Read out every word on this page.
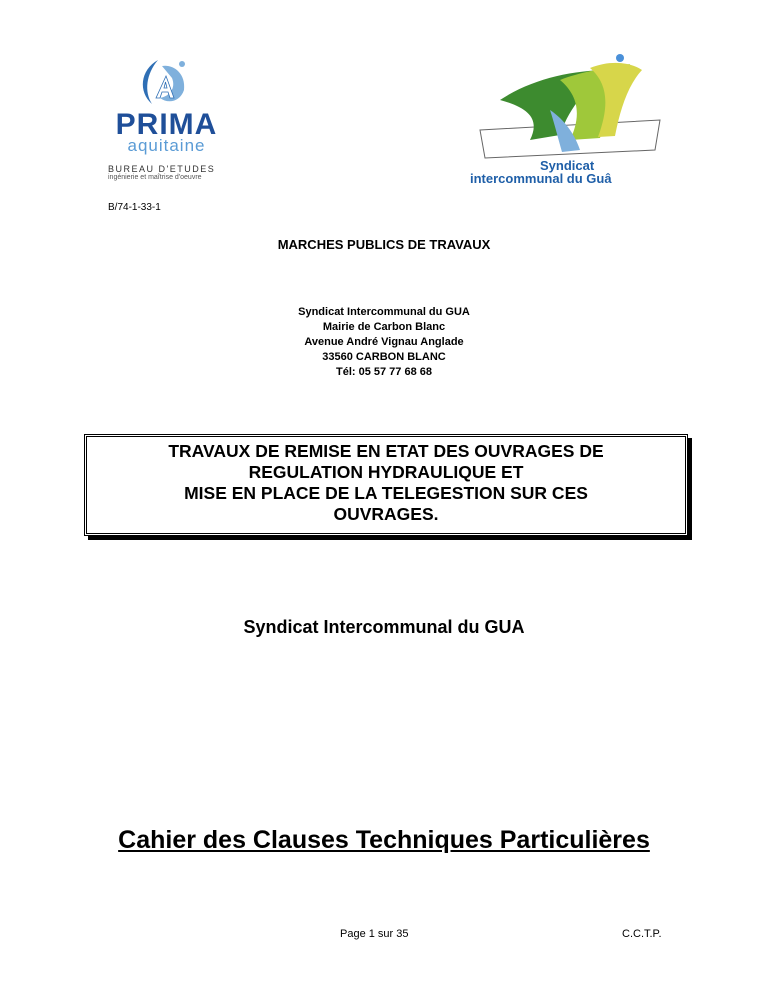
PRIMA
aquitaine
BUREAU D'ETUDES
ingénierie et maîtrise d'oeuvre
B/74-1-33-1
Syndicat
intercommunal du Guâ
MARCHES PUBLICS DE TRAVAUX
Syndicat Intercommunal du GUA
Mairie de Carbon Blanc
Avenue André Vignau Anglade
33560 CARBON BLANC
Tél: 05 57 77 68 68
TRAVAUX DE REMISE EN ETAT DES OUVRAGES DE
REGULATION HYDRAULIQUE ET
MISE EN PLACE DE LA TELEGESTION SUR CES
OUVRAGES.
Syndicat Intercommunal du GUA
Cahier des Clauses Techniques Particulières
Page 1 sur 35	C.C.T.P.
